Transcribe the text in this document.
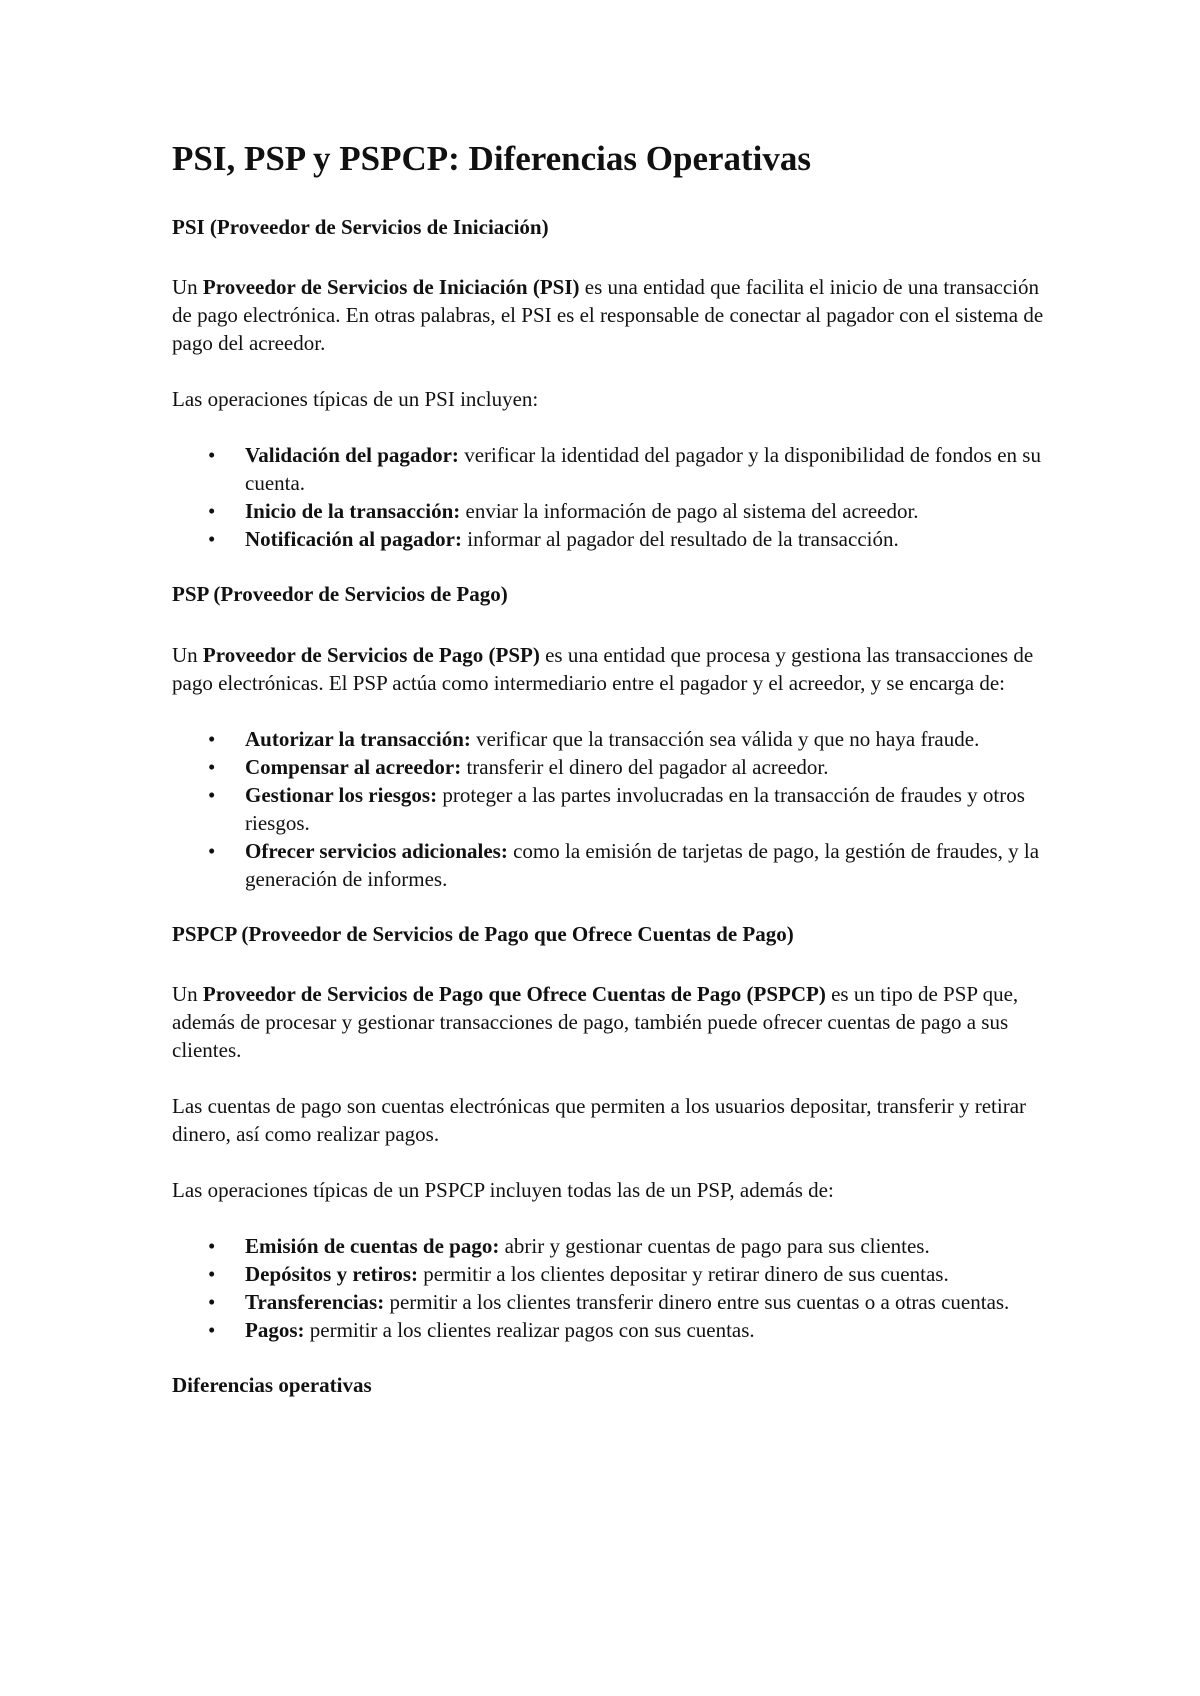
PSI, PSP y PSPCP: Diferencias Operativas
PSI (Proveedor de Servicios de Iniciación)

Un Proveedor de Servicios de Iniciación (PSI) es una entidad que facilita el inicio de una transacción de pago electrónica. En otras palabras, el PSI es el responsable de conectar al pagador con el sistema de pago del acreedor.

Las operaciones típicas de un PSI incluyen:

• Validación del pagador: verificar la identidad del pagador y la disponibilidad de fondos en su cuenta.
• Inicio de la transacción: enviar la información de pago al sistema del acreedor.
• Notificación al pagador: informar al pagador del resultado de la transacción.
PSP (Proveedor de Servicios de Pago)

Un Proveedor de Servicios de Pago (PSP) es una entidad que procesa y gestiona las transacciones de pago electrónicas. El PSP actúa como intermediario entre el pagador y el acreedor, y se encarga de:

• Autorizar la transacción: verificar que la transacción sea válida y que no haya fraude.
• Compensar al acreedor: transferir el dinero del pagador al acreedor.
• Gestionar los riesgos: proteger a las partes involucradas en la transacción de fraudes y otros riesgos.
• Ofrecer servicios adicionales: como la emisión de tarjetas de pago, la gestión de fraudes, y la generación de informes.
PSPCP (Proveedor de Servicios de Pago que Ofrece Cuentas de Pago)

Un Proveedor de Servicios de Pago que Ofrece Cuentas de Pago (PSPCP) es un tipo de PSP que, además de procesar y gestionar transacciones de pago, también puede ofrecer cuentas de pago a sus clientes.

Las cuentas de pago son cuentas electrónicas que permiten a los usuarios depositar, transferir y retirar dinero, así como realizar pagos.

Las operaciones típicas de un PSPCP incluyen todas las de un PSP, además de:

• Emisión de cuentas de pago: abrir y gestionar cuentas de pago para sus clientes.
• Depósitos y retiros: permitir a los clientes depositar y retirar dinero de sus cuentas.
• Transferencias: permitir a los clientes transferir dinero entre sus cuentas o a otras cuentas.
• Pagos: permitir a los clientes realizar pagos con sus cuentas.
Diferencias operativas
